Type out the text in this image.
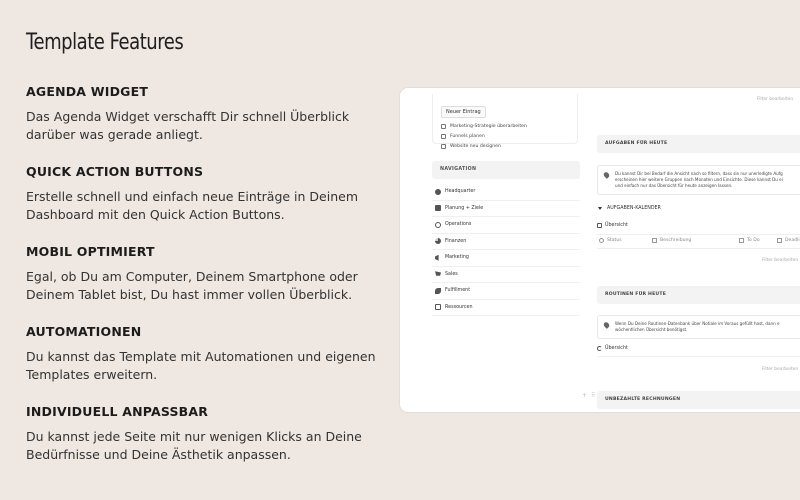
Template Features
AGENDA WIDGET
Das Agenda Widget verschafft Dir schnell Überblick darüber was gerade anliegt.
QUICK ACTION BUTTONS
Erstelle schnell und einfach neue Einträge in Deinem Dashboard mit den Quick Action Buttons.
MOBIL OPTIMIERT
Egal, ob Du am Computer, Deinem Smartphone oder Deinem Tablet bist, Du hast immer vollen Überblick.
AUTOMATIONEN
Du kannst das Template mit Automationen und eigenen Templates erweitern.
INDIVIDUELL ANPASSBAR
Du kannst jede Seite mit nur wenigen Klicks an Deine Bedürfnisse und Deine Ästhetik anpassen.
Neuer Eintrag
Marketing-Strategie überarbeiten
Funnels planen
Website neu designen
NAVIGATION
Headquarter
Planung + Ziele
Operations
Finanzen
Marketing
Sales
Fulfillment
Ressourcen
+ ⠿
Filter bearbeiten
AUFGABEN FÜR HEUTE
Du kannst Dir bei Bedarf die Ansicht nach so filtern, dass sie nur unerledigte Aufg
erscheinen hier weitere Gruppen nach Monaten und Einsichte. Diese kannst Du ei
und einfach nur das Übersicht für heute anzeigen lassen.
AUFGABEN-KALENDER
Übersicht
Status	Beschreibung	To Do	Deadli
Filter bearbeiten
ROUTINEN FÜR HEUTE
Wenn Du Deine Routinen-Datenbank über Notiale im Voraus gefüllt hast, dann e
wöchentlichen Übersicht benötigst.
Übersicht
Filter bearbeiten
UNBEZAHLTE RECHNUNGEN
